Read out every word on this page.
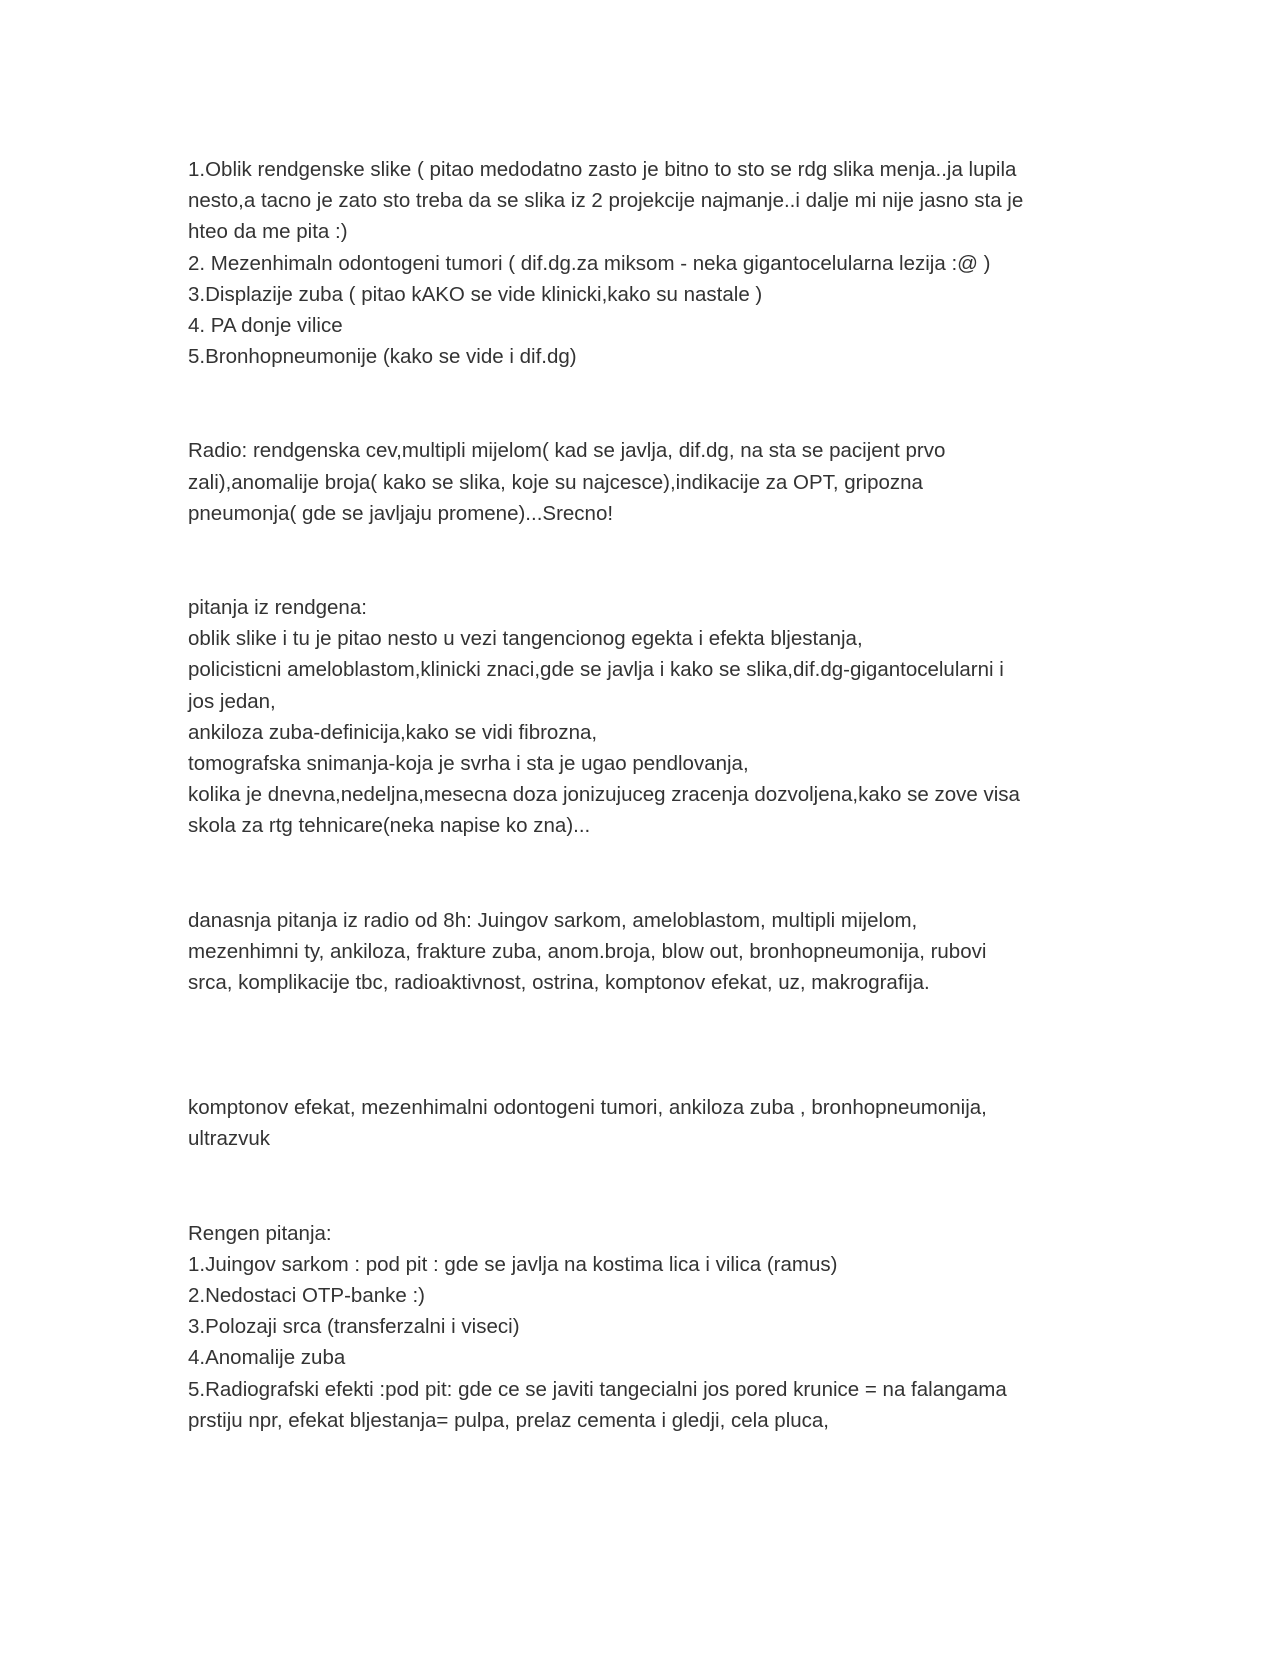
1.Oblik rendgenske slike ( pitao medodatno zasto je bitno to sto se rdg slika menja..ja lupila
nesto,a tacno je zato sto treba da se slika iz 2 projekcije najmanje..i dalje mi nije jasno sta je
hteo da me pita :)
2. Mezenhimaln odontogeni tumori ( dif.dg.za miksom - neka gigantocelularna lezija :@ )
3.Displazije zuba ( pitao kAKO se vide klinicki,kako su nastale )
4. PA donje vilice
5.Bronhopneumonije (kako se vide i dif.dg)
Radio: rendgenska cev,multipli mijelom( kad se javlja, dif.dg, na sta se pacijent prvo
zali),anomalije broja( kako se slika, koje su najcesce),indikacije za OPT, gripozna
pneumonja( gde se javljaju promene)...Srecno!
pitanja iz rendgena:
oblik slike i tu je pitao nesto u vezi tangencionog egekta i efekta bljestanja,
policisticni ameloblastom,klinicki znaci,gde se javlja i kako se slika,dif.dg-gigantocelularni i
jos jedan,
ankiloza zuba-definicija,kako se vidi fibrozna,
tomografska snimanja-koja je svrha i sta je ugao pendlovanja,
kolika je dnevna,nedeljna,mesecna doza jonizujuceg zracenja dozvoljena,kako se zove visa
skola za rtg tehnicare(neka napise ko zna)...
danasnja pitanja iz radio od 8h: Juingov sarkom, ameloblastom, multipli mijelom,
mezenhimni ty, ankiloza, frakture zuba, anom.broja, blow out, bronhopneumonija, rubovi
srca, komplikacije tbc, radioaktivnost, ostrina, komptonov efekat, uz, makrografija.
komptonov efekat, mezenhimalni odontogeni tumori, ankiloza zuba , bronhopneumonija,
ultrazvuk
Rengen pitanja:
1.Juingov sarkom : pod pit : gde se javlja na kostima lica i vilica (ramus)
2.Nedostaci OTP-banke :)
3.Polozaji srca (transferzalni i viseci)
4.Anomalije zuba
5.Radiografski efekti :pod pit: gde ce se javiti tangecialni jos pored krunice = na falangama
prstiju npr, efekat bljestanja= pulpa, prelaz cementa i gledji, cela pluca,
